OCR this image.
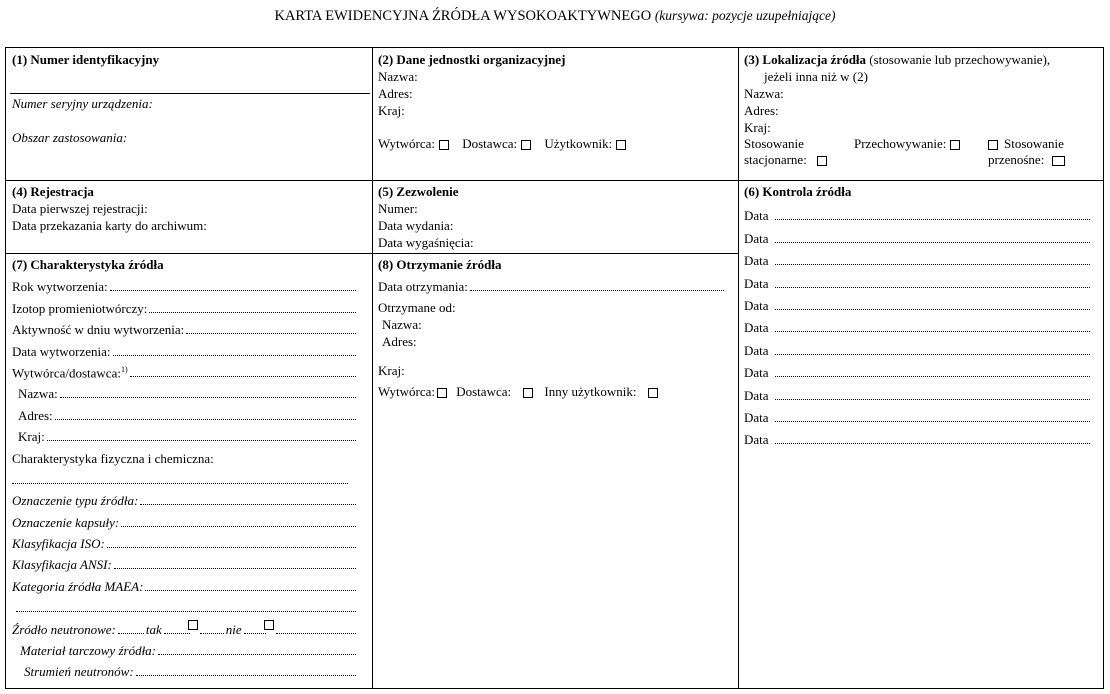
KARTA EWIDENCYJNA ŹRÓDŁA WYSOKOAKTYWNEGO (kursywa: pozycje uzupełniające)
(1) Numer identyfikacyjny
Numer seryjny urządzenia:
Obszar zastosowania:
(2) Dane jednostki organizacyjnej
Nazwa:
Adres:
Kraj:
Wytwórca: Dostawca: Użytkownik:
(3) Lokalizacja źródła (stosowanie lub przechowywanie),
jeżeli inna niż w (2)
Nazwa:
Adres:
Kraj:
Stosowanie
stacjonarne:
Przechowywanie:	Stosowanie
przenośne:
(4) Rejestracja
Data pierwszej rejestracji:
Data przekazania karty do archiwum:
(5) Zezwolenie
Numer:
Data wydania:
Data wygaśnięcia:
(6) Kontrola źródła
Data
Data
Data
Data
Data
Data
Data
Data
Data
Data
Data
(7) Charakterystyka źródła
Rok wytworzenia:
Izotop promieniotwórczy:
Aktywność w dniu wytworzenia:
Data wytworzenia:
Wytwórca/dostawca:$^{1)}$
Nazwa:
Adres:
Kraj:
Charakterystyka fizyczna i chemiczna:
Oznaczenie typu źródła:
Oznaczenie kapsuły:
Klasyfikacja ISO:
Klasyfikacja ANSI:
Kategoria źródła MAEA:
Źródło neutronowe: tak	nie
Materiał tarczowy źródła:
Strumień neutronów:
(8) Otrzymanie źródła
Data otrzymania:
Otrzymane od:
Nazwa:
Adres:
Kraj:
Wytwórca: Dostawca:	Inny użytkownik:
